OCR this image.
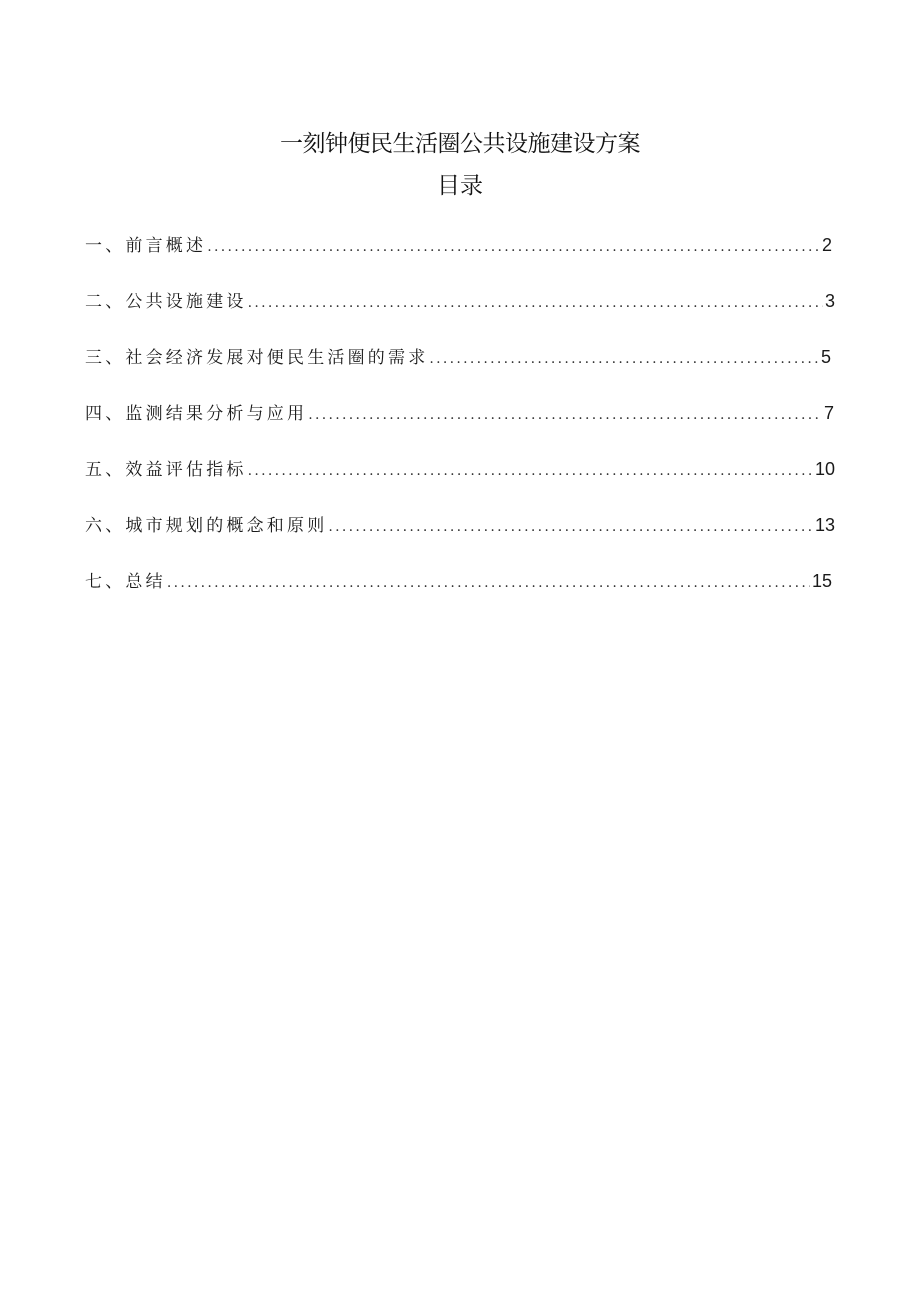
一刻钟便民生活圈公共设施建设方案
目录
一、前言概述 .....	2
二、公共设施建设 .....	3
三、社会经济发展对便民生活圈的需求 .....	5
四、监测结果分析与应用 .....	7
五、效益评估指标 .....	10
六、城市规划的概念和原则 .....	13
七、总结 .....	15
